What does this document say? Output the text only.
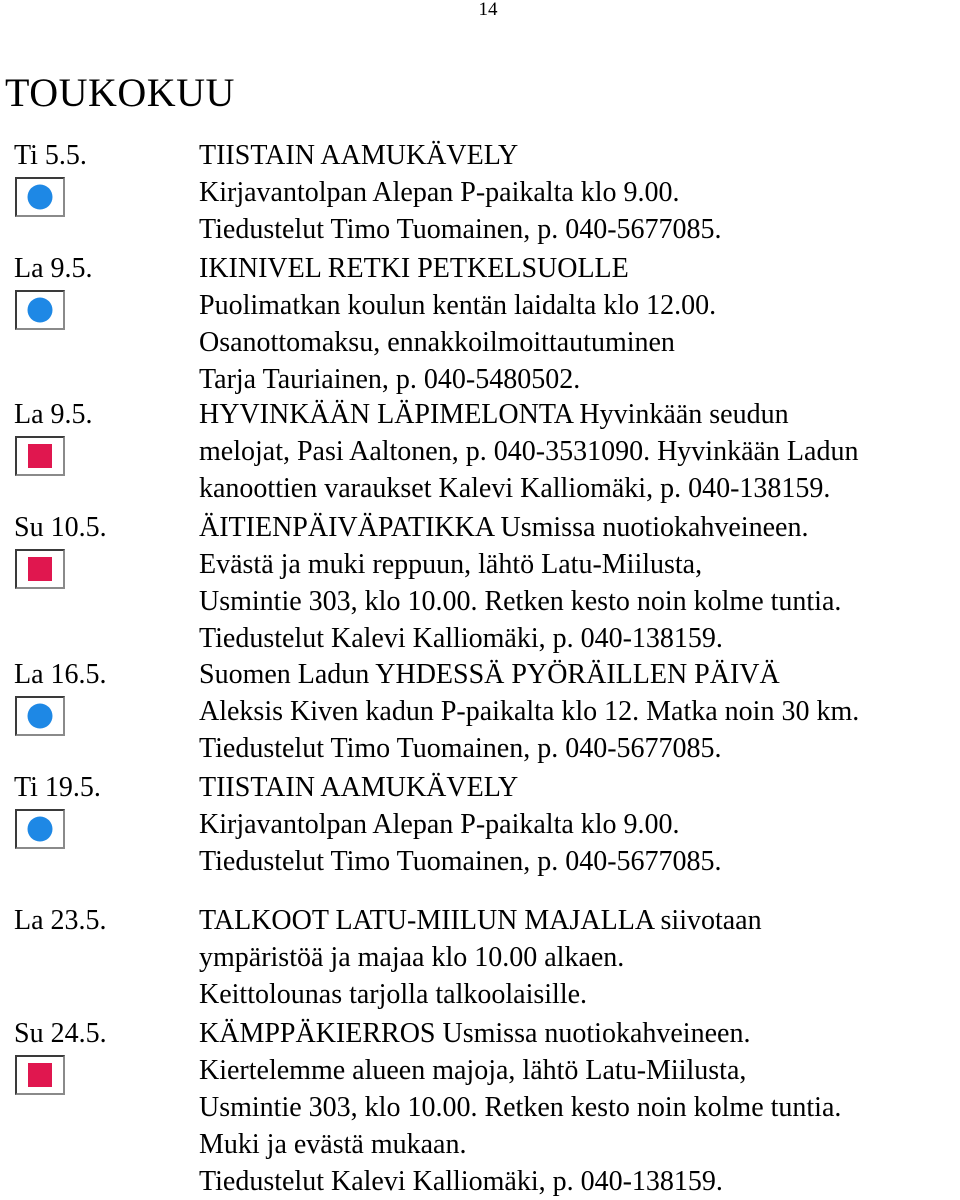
14
TOUKOKUU
Ti 5.5.	TIISTAIN AAMUKÄVELY
Kirjavantolpan Alepan P-paikalta klo 9.00.
Tiedustelut Timo Tuomainen, p. 040-5677085.
La 9.5.	IKINIVEL RETKI PETKELSUOLLE
Puolimatkan koulun kentän laidalta klo 12.00.
Osanottomaksu, ennakkoilmoittautuminen
Tarja Tauriainen, p. 040-5480502.
La 9.5.	HYVINKÄÄN LÄPIMELONTA Hyvinkään seudun
melojat, Pasi Aaltonen, p. 040-3531090. Hyvinkään Ladun
kanoottien varaukset Kalevi Kalliomäki, p. 040-138159.
Su 10.5.	ÄITIENPÄIVÄPATIKKA Usmissa nuotiokahveineen.
Evästä ja muki reppuun, lähtö Latu-Miilusta,
Usmintie 303, klo 10.00. Retken kesto noin kolme tuntia.
Tiedustelut Kalevi Kalliomäki, p. 040-138159.
La 16.5.	Suomen Ladun YHDESSÄ PYÖRÄILLEN PÄIVÄ
Aleksis Kiven kadun P-paikalta klo 12. Matka noin 30 km.
Tiedustelut Timo Tuomainen, p. 040-5677085.
Ti 19.5.	TIISTAIN AAMUKÄVELY
Kirjavantolpan Alepan P-paikalta klo 9.00.
Tiedustelut Timo Tuomainen, p. 040-5677085.
La 23.5.	TALKOOT LATU-MIILUN MAJALLA siivotaan
ympäristöä ja majaa klo 10.00 alkaen.
Keittolounas tarjolla talkoolaisille.
Su 24.5.	KÄMPPÄKIERROS Usmissa nuotiokahveineen.
Kiertelemme alueen majoja, lähtö Latu-Miilusta,
Usmintie 303, klo 10.00. Retken kesto noin kolme tuntia.
Muki ja evästä mukaan.
Tiedustelut Kalevi Kalliomäki, p. 040-138159.
